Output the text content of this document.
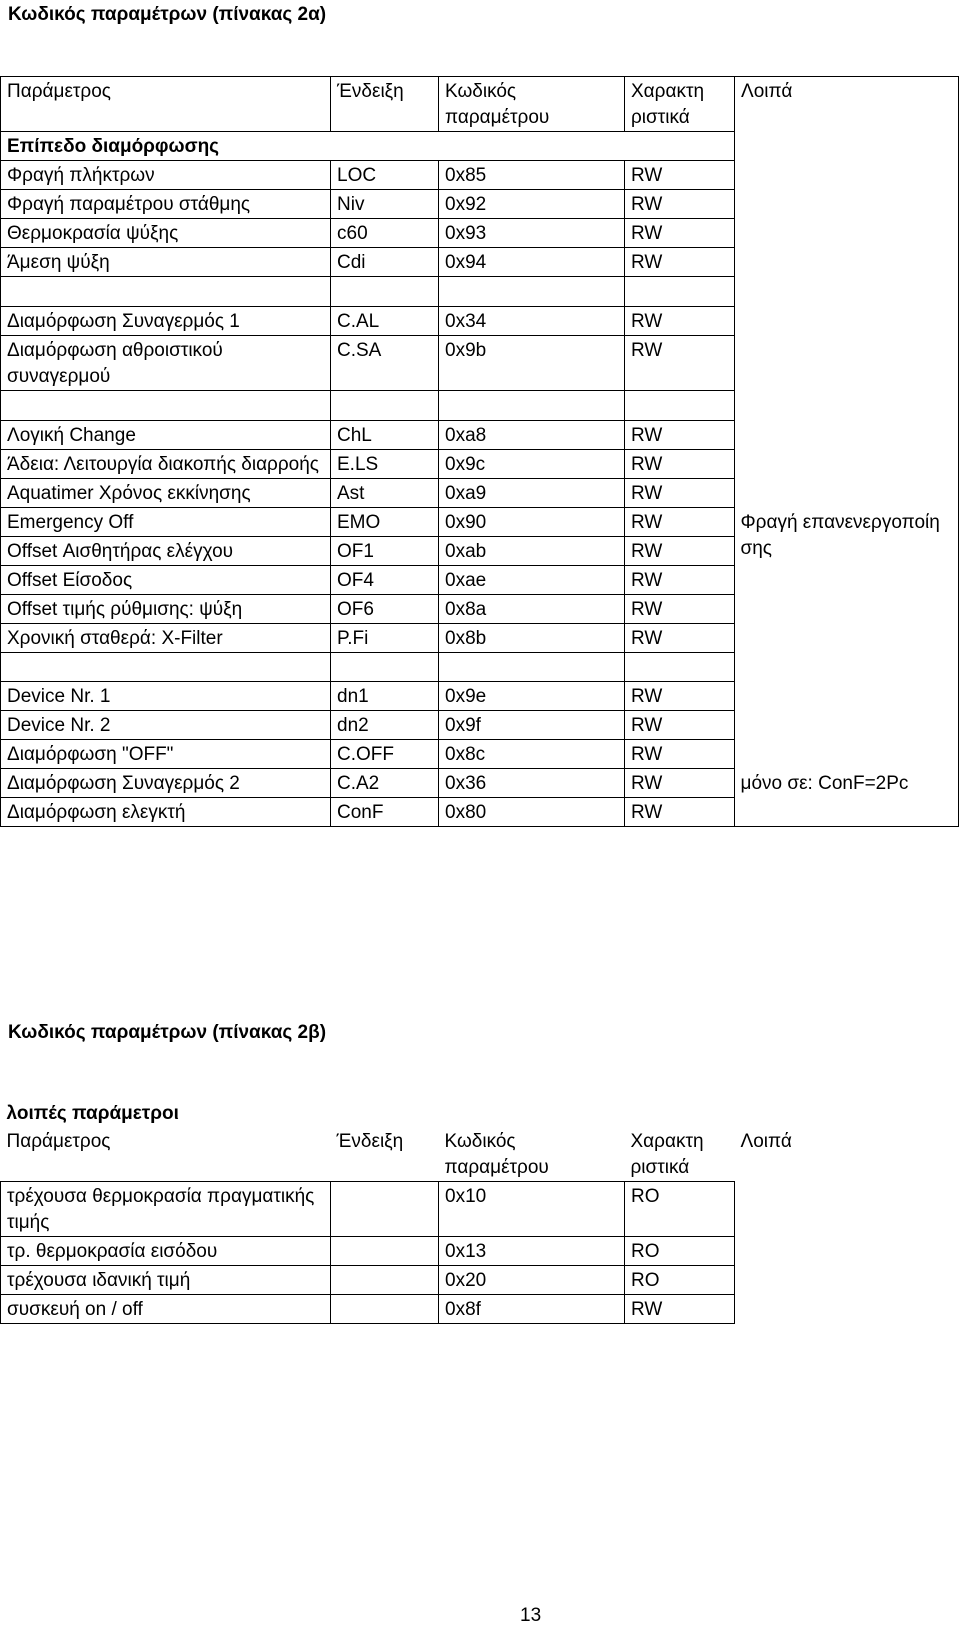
Κωδικός παραμέτρων (πίνακας 2α)
Παράμετρος	Ένδειξη	Κωδικός παραμέτρου	Χαρακτη ριστικά	Λοιπά
Επίπεδο διαμόρφωσης				
Φραγή πλήκτρων	LOC	0x85	RW	
Φραγή παραμέτρου στάθμης	Niv	0x92	RW	
Θερμοκρασία ψύξης	c60	0x93	RW	
Άμεση ψύξη	Cdi	0x94	RW	

Διαμόρφωση Συναγερμός 1	C.AL	0x34	RW	
Διαμόρφωση αθροιστικού συναγερμού	C.SA	0x9b	RW	

Λογική Change	ChL	0xa8	RW	
Άδεια: Λειτουργία διακοπής διαρροής	E.LS	0x9c	RW	
Aquatimer Χρόνος εκκίνησης	Ast	0xa9	RW	
Emergency Off	EMO	0x90	RW	
Offset Αισθητήρας ελέγχου	OF1	0xab	RW	
Offset Είσοδος	OF4	0xae	RW	
Offset τιμής ρύθμισης: ψύξη	OF6	0x8a	RW	
Χρονική σταθερά: X-Filter	P.Fi	0x8b	RW	

Device Nr. 1	dn1	0x9e	RW	
Device Nr. 2	dn2	0x9f	RW	
Διαμόρφωση "OFF"	C.OFF	0x8c	RW	
Διαμόρφωση Συναγερμός 2	C.A2	0x36	RW	
Διαμόρφωση ελεγκτή	ConF	0x80	RW	
Κωδικός παραμέτρων (πίνακας 2β)
λοιπές παράμετροι				
Παράμετρος	Ένδειξη	Κωδικός παραμέτρου	Χαρακτη ριστικά	Λοιπά
τρέχουσα θερμοκρασία πραγματικής τιμής		0x10	RO	
τρ. θερμοκρασία εισόδου		0x13	RO	
τρέχουσα ιδανική τιμή		0x20	RO	
συσκευή on / off		0x8f	RW	
13
Φραγή επανενεργοποίη σης
μόνο σε: ConF=2Pc
